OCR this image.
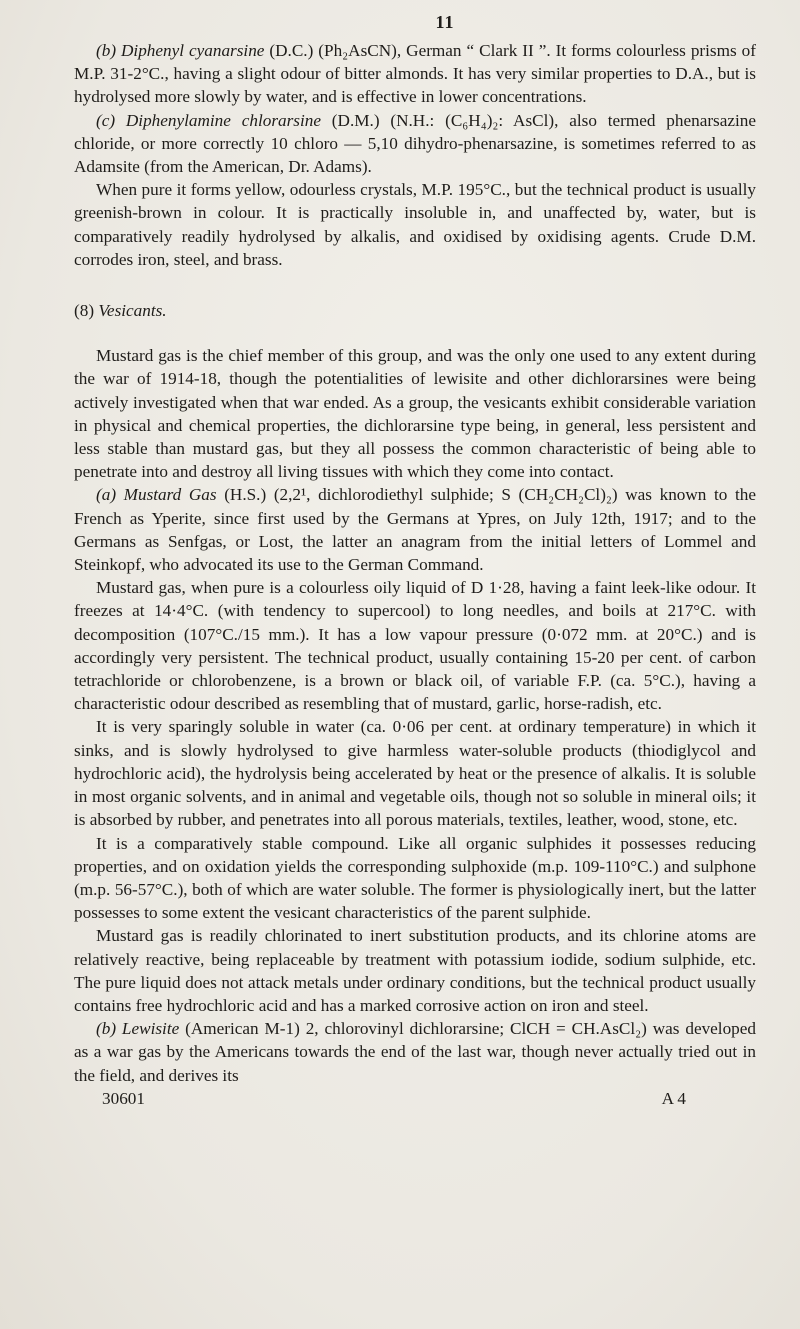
11

(b) Diphenyl cyanarsine (D.C.) (Ph₂AsCN), German “ Clark II ”. It forms colourless prisms of M.P. 31-2°C., having a slight odour of bitter almonds. It has very similar properties to D.A., but is hydrolysed more slowly by water, and is effective in lower concentrations.

(c) Diphenylamine chlorarsine (D.M.) (N.H.: (C₆H₄)₂: AsCl), also termed phenarsazine chloride, or more correctly 10 chloro — 5,10 dihydro-phenarsazine, is sometimes referred to as Adamsite (from the American, Dr. Adams).

When pure it forms yellow, odourless crystals, M.P. 195°C., but the technical product is usually greenish-brown in colour. It is practically insoluble in, and unaffected by, water, but is comparatively readily hydrolysed by alkalis, and oxidised by oxidising agents. Crude D.M. corrodes iron, steel, and brass.

(8) Vesicants.

Mustard gas is the chief member of this group, and was the only one used to any extent during the war of 1914-18, though the potentialities of lewisite and other dichlorarsines were being actively investigated when that war ended. As a group, the vesicants exhibit considerable variation in physical and chemical properties, the dichlorarsine type being, in general, less persistent and less stable than mustard gas, but they all possess the common characteristic of being able to penetrate into and destroy all living tissues with which they come into contact.

(a) Mustard Gas (H.S.) (2,2¹, dichlorodiethyl sulphide; S (CH₂CH₂Cl)₂) was known to the French as Yperite, since first used by the Germans at Ypres, on July 12th, 1917; and to the Germans as Senfgas, or Lost, the latter an anagram from the initial letters of Lommel and Steinkopf, who advocated its use to the German Command.

Mustard gas, when pure is a colourless oily liquid of D 1·28, having a faint leek-like odour. It freezes at 14·4°C. (with tendency to supercool) to long needles, and boils at 217°C. with decomposition (107°C./15 mm.). It has a low vapour pressure (0·072 mm. at 20°C.) and is accordingly very persistent. The technical product, usually containing 15-20 per cent. of carbon tetrachloride or chlorobenzene, is a brown or black oil, of variable F.P. (ca. 5°C.), having a characteristic odour described as resembling that of mustard, garlic, horse-radish, etc.

It is very sparingly soluble in water (ca. 0·06 per cent. at ordinary temperature) in which it sinks, and is slowly hydrolysed to give harmless water-soluble products (thiodiglycol and hydrochloric acid), the hydrolysis being accelerated by heat or the presence of alkalis. It is soluble in most organic solvents, and in animal and vegetable oils, though not so soluble in mineral oils; it is absorbed by rubber, and penetrates into all porous materials, textiles, leather, wood, stone, etc.

It is a comparatively stable compound. Like all organic sulphides it possesses reducing properties, and on oxidation yields the corresponding sulphoxide (m.p. 109-110°C.) and sulphone (m.p. 56-57°C.), both of which are water soluble. The former is physiologically inert, but the latter possesses to some extent the vesicant characteristics of the parent sulphide.

Mustard gas is readily chlorinated to inert substitution products, and its chlorine atoms are relatively reactive, being replaceable by treatment with potassium iodide, sodium sulphide, etc. The pure liquid does not attack metals under ordinary conditions, but the technical product usually contains free hydrochloric acid and has a marked corrosive action on iron and steel.

(b) Lewisite (American M-1) 2, chlorovinyl dichlorarsine; ClCH = CH.AsCl₂) was developed as a war gas by the Americans towards the end of the last war, though never actually tried out in the field, and derives its

30601	A 4
